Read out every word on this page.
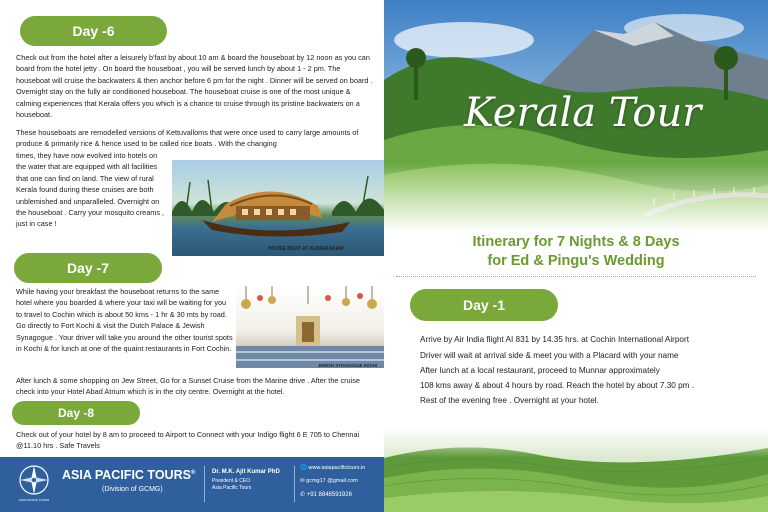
Day -6

Check out from the hotel after a leisurely b'fast by about 10 am & board the houseboat by 12 noon as you can board from the hotel jetty . On board the houseboat , you will be served lunch by about 1 - 2 pm. The houseboat will cruise the backwaters & then anchor before 6 pm for the night . Dinner will be served on board . Overnight stay on the fully air conditioned houseboat. The houseboat cruise is one of the most unique & calming experiences that Kerala offers you which is a chance to cruise through its pristine backwaters on a houseboat.

These houseboats are remodelled versions of Kettuvalloms that were once used to carry large amounts of produce & primarily rice & hence used to be called rice boats . With the changing

times, they have now evolved into hotels on the water that are equipped with all facilities that one can find on land. The view of rural Kerala found during these cruises are both unblemished and unparalleled. Overnight on the houseboat . Carry your mosquito creams , just in case !

HOUSE BOAT AT KUMARAKAM
Day -7

While having your breakfast the houseboat returns to the same hotel where you boarded & where your taxi will be waiting for you to travel to Cochin which is about 50 kms - 1 hr & 30 mts by road. Go directly to Fort Kochi & visit the Dutch Palace & Jewish Synagogue . Your driver will take you around the other tourist spots in Kochi & for lunch at one of the quaint restaurants in Fort Cochin.

JEWISH SYNAGOGUE KOCHI

After lunch & some shopping on Jew Street, Go for a Sunset Cruise from the Marine drive . After the cruise check into your Hotel Abad Atrium which is in the city centre. Overnight at the hotel.

Day -8

Check out of your hotel by 8 am to proceed to Airport to Connect with your Indigo flight 6 E 705 to Chennai @11.10 hrs . Safe Travels

ASIA PACIFIC TOURS
ASIA PACIFIC TOURS®
(Division of GCMG)
Dr. M.K. Ajit Kumar PhD
President & CEO
Asia Pacific Tours
🌐 www.asiapacifictours.in
✉ gcmg17 @gmail.com
✆ +91 8848591926
Kerala Tour
Itinerary for 7 Nights & 8 Days
for Ed & Pingu's Wedding
Day -1
Arrive by Air India flight AI 831 by 14.35 hrs. at Cochin International Airport
Driver will wait at arrival side & meet you with a Placard with your name
After lunch at a local restaurant, proceed to Munnar approximately
108 kms away & about 4 hours by road. Reach the hotel by about 7.30 pm .
Rest of the evening free . Overnight at your hotel.
